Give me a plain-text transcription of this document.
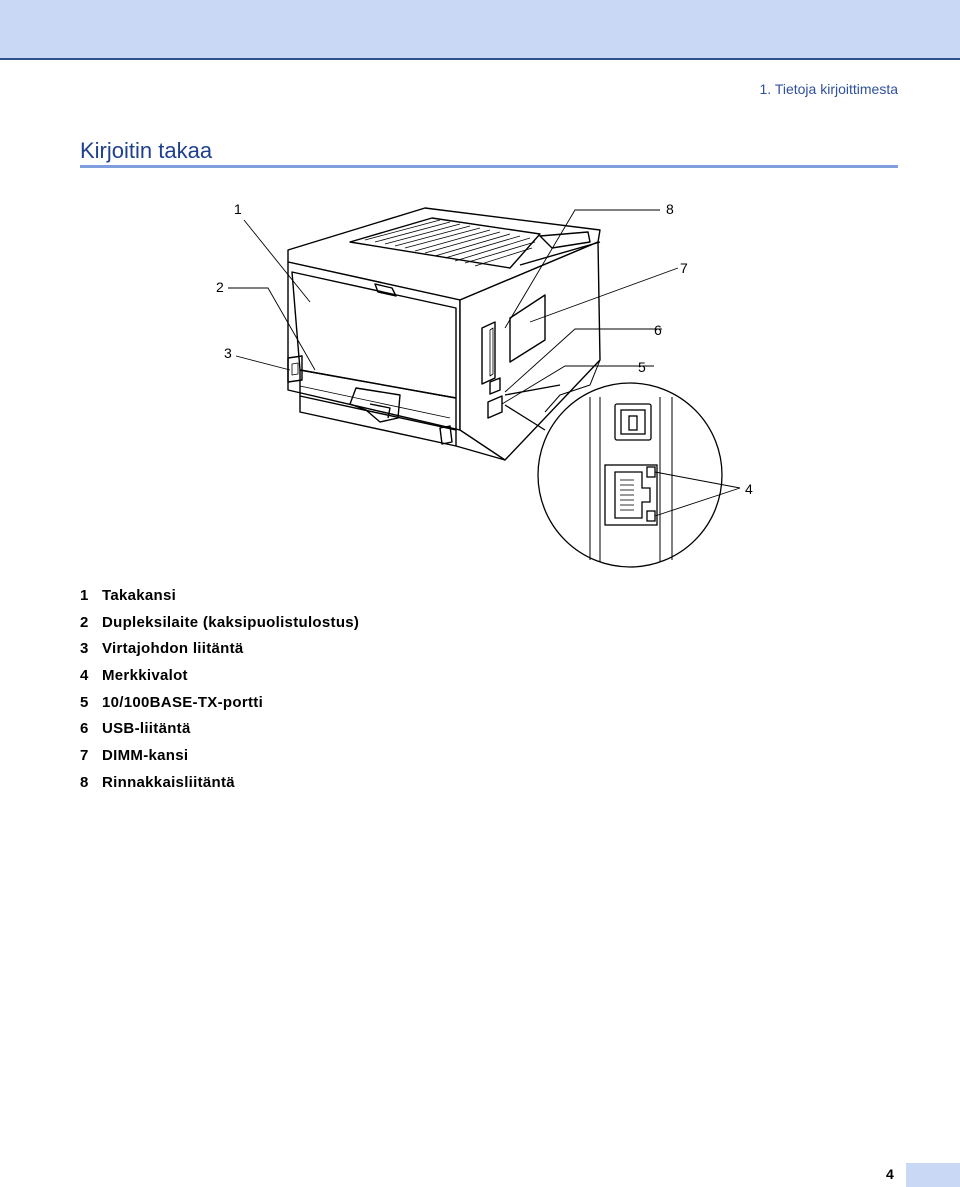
1. Tietoja kirjoittimesta
Kirjoitin takaa
1
2
3
4
5
6
7
8
1 Takakansi
2 Dupleksilaite (kaksipuolistulostus)
3 Virtajohdon liitäntä
4 Merkkivalot
5 10/100BASE-TX-portti
6 USB-liitäntä
7 DIMM-kansi
8 Rinnakkaisliitäntä
4
